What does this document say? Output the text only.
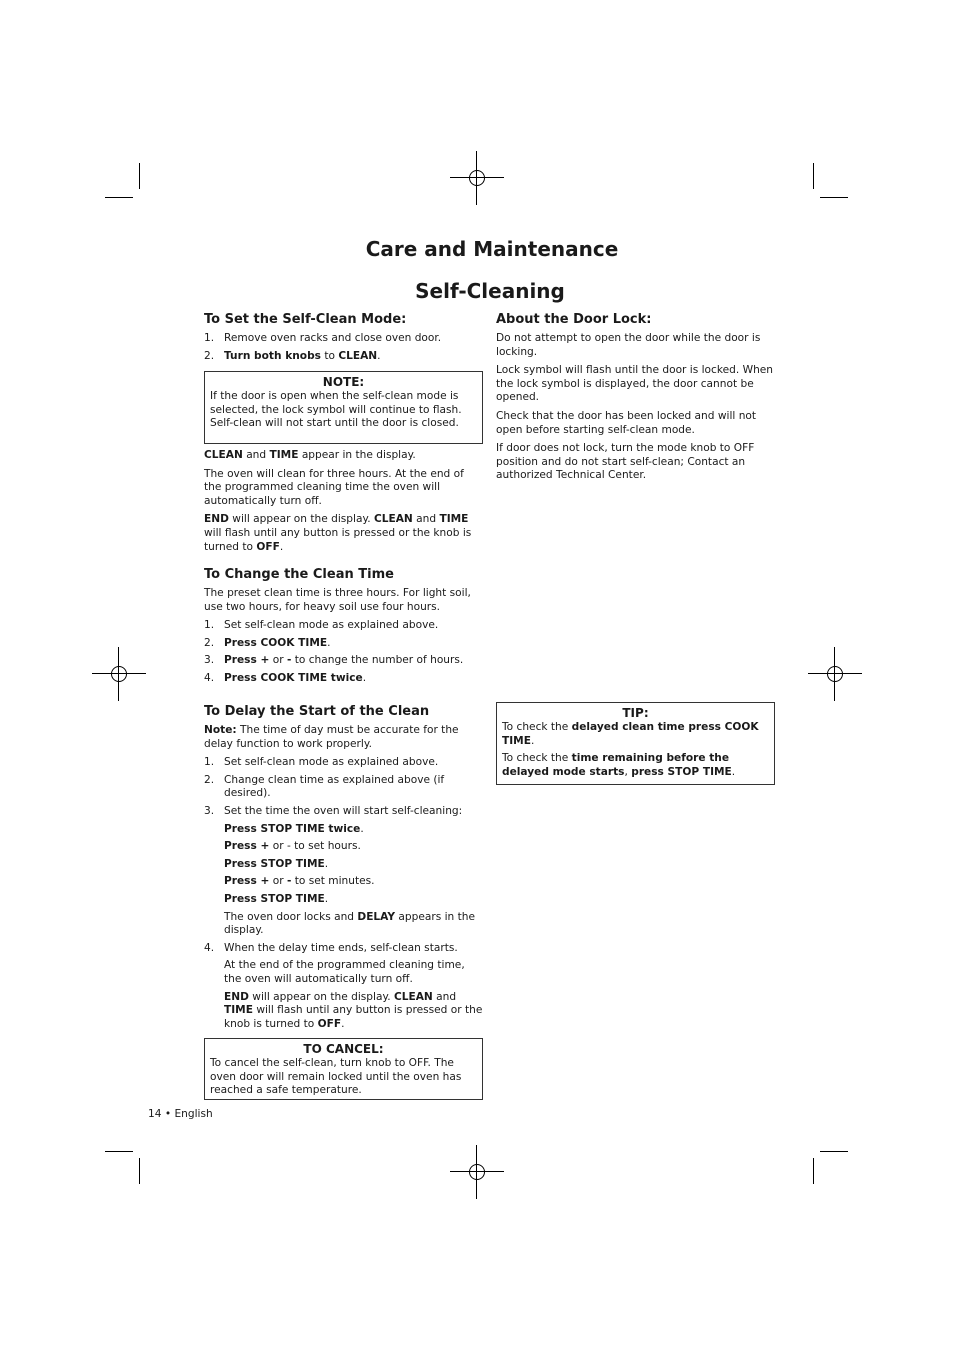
Care and Maintenance
Self-Cleaning
To Set the Self-Clean Mode:
1. Remove oven racks and close oven door.
2. Turn both knobs to CLEAN.
NOTE:

If the door is open when the self-clean mode is selected, the lock symbol will continue to flash. Self-clean will not start until the door is closed.

CLEAN and TIME appear in the display.

The oven will clean for three hours. At the end of the programmed cleaning time the oven will automatically turn off.

END will appear on the display. CLEAN and TIME will flash until any button is pressed or the knob is turned to OFF.

To Change the Clean Time

The preset clean time is three hours. For light soil, use two hours, for heavy soil use four hours.

1. Set self-clean mode as explained above.
2. Press COOK TIME.
3. Press + or - to change the number of hours.
4. Press COOK TIME twice.
To Delay the Start of the Clean

Note: The time of day must be accurate for the delay function to work properly.

1. Set self-clean mode as explained above.
2. Change clean time as explained above (if desired).
3. Set the time the oven will start self-cleaning:
Press STOP TIME twice.
Press + or - to set hours.
Press STOP TIME.
Press + or - to set minutes.
Press STOP TIME.
The oven door locks and DELAY appears in the display.
4. When the delay time ends, self-clean starts.
At the end of the programmed cleaning time, the oven will automatically turn off.
END will appear on the display. CLEAN and TIME will flash until any button is pressed or the knob is turned to OFF.
TO CANCEL:

To cancel the self-clean, turn knob to OFF. The oven door will remain locked until the oven has reached a safe temperature.

14 • English
About the Door Lock:

Do not attempt to open the door while the door is locking.

Lock symbol will flash until the door is locked. When the lock symbol is displayed, the door cannot be opened.

Check that the door has been locked and will not open before starting self-clean mode.

If door does not lock, turn the mode knob to OFF position and do not start self-clean; Contact an authorized Technical Center.

TIP:

To check the delayed clean time press COOK TIME.

To check the time remaining before the delayed mode starts, press STOP TIME.
